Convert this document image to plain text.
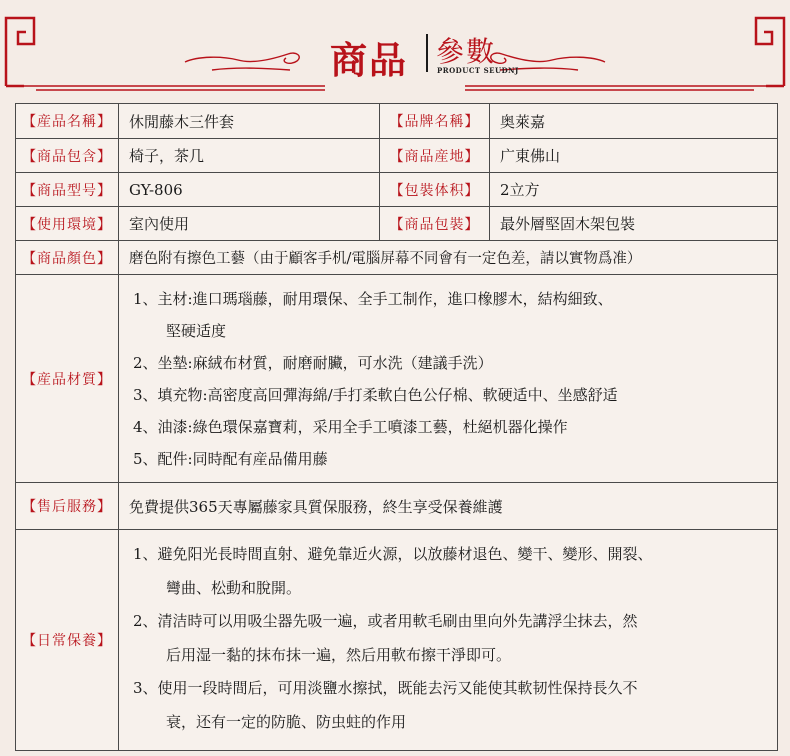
商品	參數
PRODUCT SEUDNJ
【産品名稱】	休閒藤木三件套	【品牌名稱】	奥萊嘉
【商品包含】	椅子，茶几	【商品産地】	广東佛山
【商品型号】	GY-806	【包裝体积】	2立方
【使用環境】	室內使用	【商品包裝】	最外層堅固木架包裝
【商品顏色】	磨色附有擦色工藝（由于顧客手机/電腦屏幕不同會有一定色差，請以實物爲准）
【産品材質】
1、主材:進口瑪瑙藤，耐用環保、全手工制作，進口橡膠木，結构細致、
堅硬适度
2、坐墊:麻絨布材質，耐磨耐臟，可水洗（建議手洗）
3、填充物:高密度高回彈海綿/手打柔軟白色公仔棉、軟硬适中、坐感舒适
4、油漆:綠色環保嘉寶莉，采用全手工噴漆工藝，杜絕机器化操作
5、配件:同時配有産品備用藤
【售后服務】	免費提供365天專屬藤家具質保服務，終生享受保養維護
【日常保養】
1、避免阳光長時間直射、避免靠近火源，以放藤材退色、變干、變形、開裂、
彎曲、松動和脫開。
2、清洁時可以用吸尘器先吸一遍，或者用軟毛刷由里向外先講浮尘抹去，然
后用湿一黏的抹布抹一遍，然后用軟布擦干淨即可。
3、使用一段時間后，可用淡鹽水擦拭，既能去污又能使其軟韧性保持長久不
衰，还有一定的防脆、防虫蛀的作用
